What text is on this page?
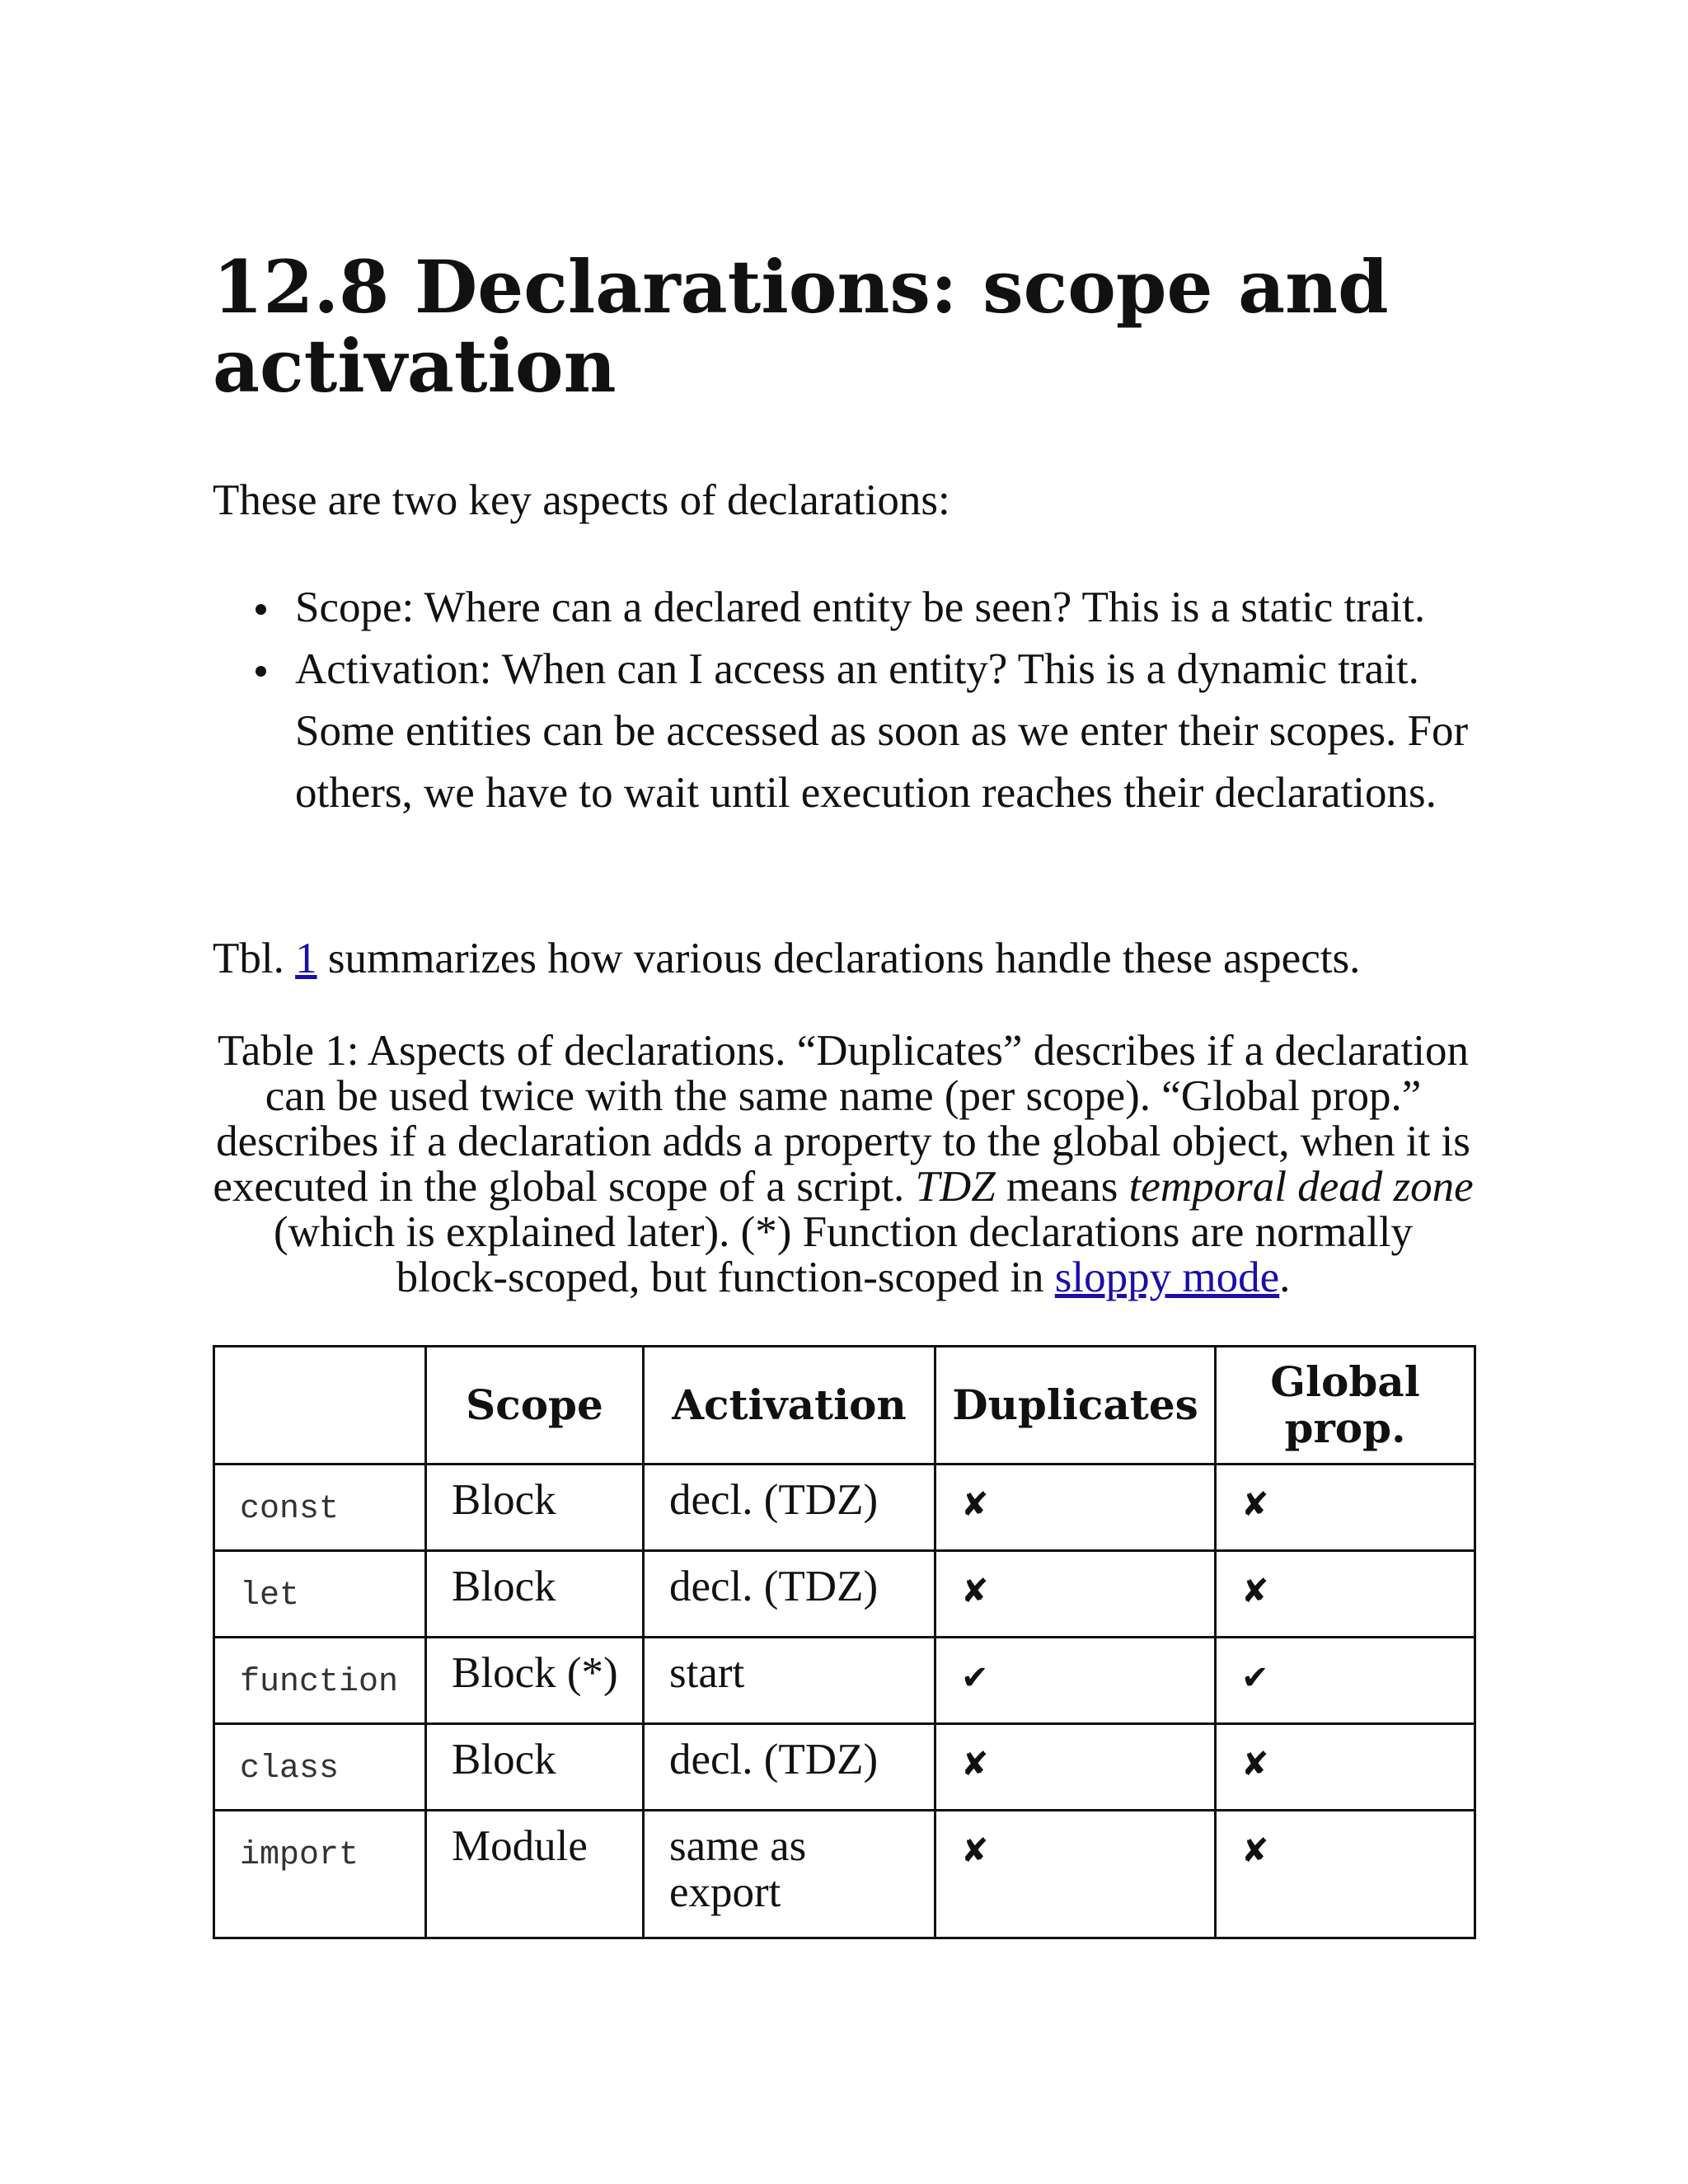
12.8 Declarations: scope and activation

These are two key aspects of declarations:

Scope: Where can a declared entity be seen? This is a static trait.
Activation: When can I access an entity? This is a dynamic trait. Some entities can be accessed as soon as we enter their scopes. For others, we have to wait until execution reaches their declarations.

Tbl. 1 summarizes how various declarations handle these aspects.

Table 1: Aspects of declarations. “Duplicates” describes if a declaration can be used twice with the same name (per scope). “Global prop.” describes if a declaration adds a property to the global object, when it is executed in the global scope of a script. TDZ means temporal dead zone (which is explained later). (*) Function declarations are normally block-scoped, but function-scoped in sloppy mode.

	Scope	Activation	Duplicates	Global prop.
const	Block	decl. (TDZ)	✘	✘
let	Block	decl. (TDZ)	✘	✘
function	Block (*)	start	✔	✔
class	Block	decl. (TDZ)	✘	✘
import	Module	same as export	✘	✘
